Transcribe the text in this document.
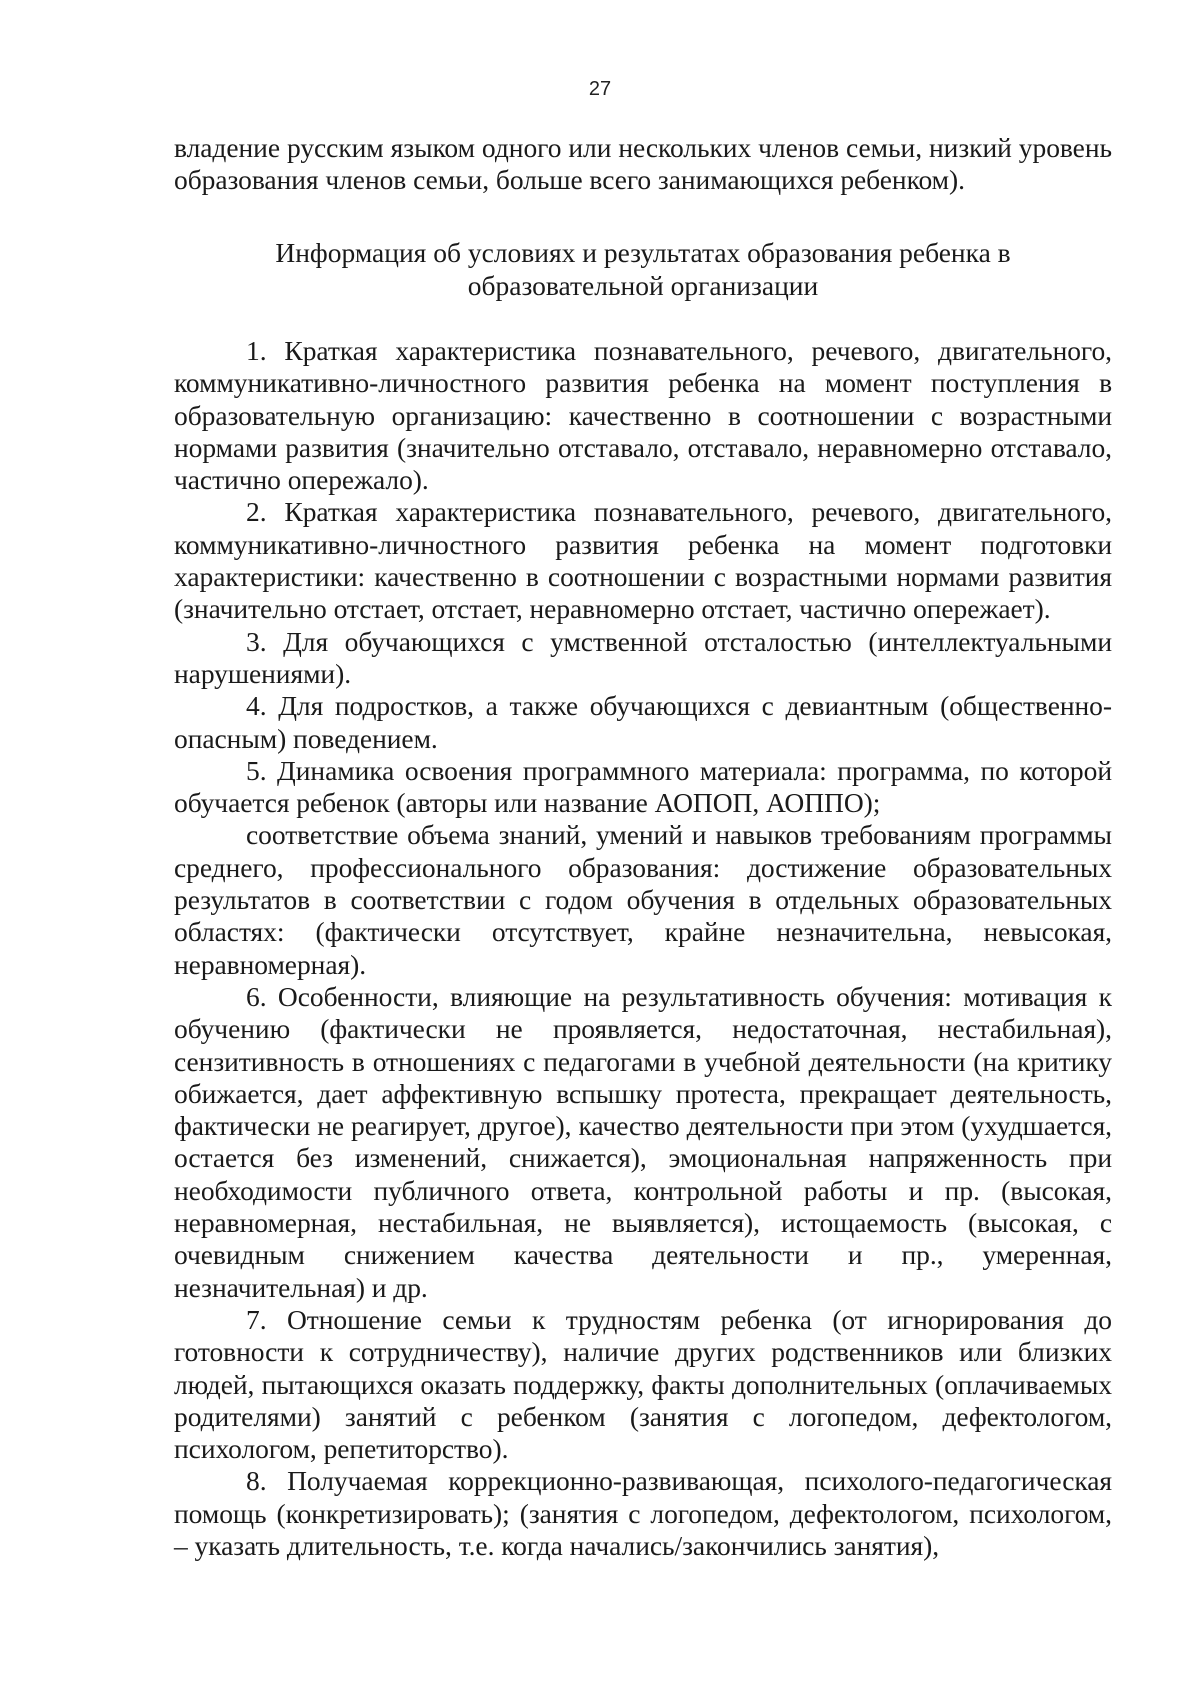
27
владение русским языком одного или нескольких членов семьи, низкий уровень образования членов семьи, больше всего занимающихся ребенком).
Информация об условиях и результатах образования ребенка в
образовательной организации

1. Краткая характеристика познавательного, речевого, двигательного, коммуникативно-личностного развития ребенка на момент поступления в образовательную организацию: качественно в соотношении с возрастными нормами развития (значительно отставало, отставало, неравномерно отставало, частично опережало).

2. Краткая характеристика познавательного, речевого, двигательного, коммуникативно-личностного развития ребенка на момент подготовки характеристики: качественно в соотношении с возрастными нормами развития (значительно отстает, отстает, неравномерно отстает, частично опережает).

3. Для обучающихся с умственной отсталостью (интеллектуальными нарушениями).

4. Для подростков, а также обучающихся с девиантным (общественно-опасным) поведением.

5. Динамика освоения программного материала: программа, по которой обучается ребенок (авторы или название АОПОП, АОППО);

соответствие объема знаний, умений и навыков требованиям программы среднего, профессионального образования: достижение образовательных результатов в соответствии с годом обучения в отдельных образовательных областях: (фактически отсутствует, крайне незначительна, невысокая, неравномерная).

6. Особенности, влияющие на результативность обучения: мотивация к обучению (фактически не проявляется, недостаточная, нестабильная), сензитивность в отношениях с педагогами в учебной деятельности (на критику обижается, дает аффективную вспышку протеста, прекращает деятельность, фактически не реагирует, другое), качество деятельности при этом (ухудшается, остается без изменений, снижается), эмоциональная напряженность при необходимости публичного ответа, контрольной работы и пр. (высокая, неравномерная, нестабильная, не выявляется), истощаемость (высокая, с очевидным снижением качества деятельности и пр., умеренная, незначительная) и др.

7. Отношение семьи к трудностям ребенка (от игнорирования до готовности к сотрудничеству), наличие других родственников или близких людей, пытающихся оказать поддержку, факты дополнительных (оплачиваемых родителями) занятий с ребенком (занятия с логопедом, дефектологом, психологом, репетиторство).

8. Получаемая коррекционно-развивающая, психолого-педагогическая помощь (конкретизировать); (занятия с логопедом, дефектологом, психологом, – указать длительность, т.е. когда начались/закончились занятия),
